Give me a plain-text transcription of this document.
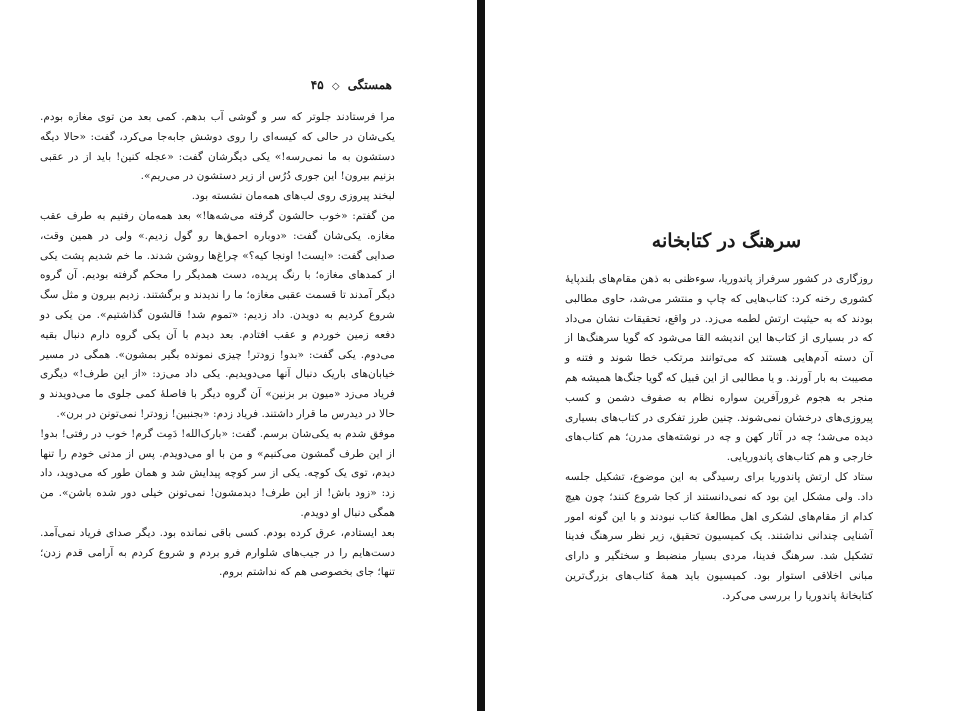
همستگی ◇ ۴۵

مرا فرستادند جلوتر که سر و گوشی آب بدهم. کمی بعد من توی مغازه بودم. یکی‌شان در حالی که کیسه‌ای را روی دوشش جا‌به‌جا می‌کرد، گفت: «حالا دیگه دستشون به ما نمی‌رسه!» یکی دیگرشان گفت: «عجله کنین! باید از در عقبی بزنیم بیرون! این جوری دُرُس از زیر دستشون در می‌ریم».

لبخند پیروزی روی لب‌های همه‌مان نشسته بود.

من گفتم: «خوب حالشون گرفته می‌شه‌ها!» بعد همه‌مان رفتیم به طرف عقب مغازه. یکی‌شان گفت: «دوباره احمق‌ها رو گول زدیم.» ولی در همین وقت، صدایی گفت: «ایست! اونجا کیه؟» چراغ‌ها روشن شدند. ما خم شدیم پشت یکی از کمدهای مغازه؛ با رنگ پریده، دست همدیگر را محکم گرفته بودیم. آن گروه دیگر آمدند تا قسمت عقبی مغازه؛ ما را ندیدند و برگشتند. زدیم بیرون و مثل سگ شروع کردیم به دویدن. داد زدیم: «تموم شد! قالشون گذاشتیم». من یکی دو دفعه زمین خوردم و عقب افتادم. بعد دیدم با آن یکی گروه دارم دنبال بقیه می‌دوم. یکی گفت: «بدو! زودتر! چیزی نمونده بگیر بمشون». همگی در مسیر خیابان‌های باریک دنبال آنها می‌دویدیم. یکی داد می‌زد: «از این طرف!» دیگری فریاد می‌زد «میون بر بزنین» آن گروه دیگر با فاصلهٔ کمی جلوی ما می‌دویدند و حالا در دیدرس ما قرار داشتند. فریاد زدم: «بجنبین! زودتر! نمی‌تونن در برن».

موفق شدم به یکی‌شان برسم. گفت: «بارک‌الله! دَمِت گرم! خوب در رفتی! بدو! از این طرف گمشون می‌کنیم» و من با او می‌دویدم. پس از مدتی خودم را تنها دیدم، توی یک کوچه. یکی از سر کوچه پیدایش شد و همان طور که می‌دوید، داد زد: «زود باش! از این طرف! دیدمشون! نمی‌تونن خیلی دور شده باشن». من همگی دنبال او دویدم.

بعد ایستادم، عرق کرده بودم. کسی باقی نمانده بود. دیگر صدای فریاد نمی‌آمد. دست‌هایم را در جیب‌های شلوارم فرو بردم و شروع کردم به آرامی قدم زدن؛ تنها؛ جای بخصوصی هم که نداشتم بروم.

سرهنگ در کتابخانه

روزگاری در کشور سرفراز پاندوریا، سوء‌ظنی به ذهن مقام‌های بلندپایهٔ کشوری رخنه کرد: کتاب‌هایی که چاپ و منتشر می‌شد، حاوی مطالبی بودند که به حیثیت ارتش لطمه می‌زد. در واقع، تحقیقات نشان می‌داد که در بسیاری از کتاب‌ها این اندیشه القا می‌شود که گویا سرهنگ‌ها از آن دسته آدم‌هایی هستند که می‌توانند مرتکب خطا شوند و فتنه و مصیبت به بار آورند. و یا مطالبی از این قبیل که گویا جنگ‌ها همیشه هم منجر به هجوم غرورآفرین سواره نظام به صفوف دشمن و کسب پیروزی‌های درخشان نمی‌شوند. چنین طرز تفکری در کتاب‌های بسیاری دیده می‌شد؛ چه در آثار کهن و چه در نوشته‌های مدرن؛ هم کتاب‌های خارجی و هم کتاب‌های پاندوریایی.

ستاد کل ارتش پاندوریا برای رسیدگی به این موضوع، تشکیل جلسه داد. ولی مشکل این بود که نمی‌دانستند از کجا شروع کنند؛ چون هیچ کدام از مقام‌های لشکری اهل مطالعهٔ کتاب نبودند و با این گونه امور آشنایی چندانی نداشتند. یک کمیسیون تحقیق، زیر نظر سرهنگ فدینا تشکیل شد. سرهنگ فدینا، مردی بسیار منضبط و سختگیر و دارای مبانی اخلاقی استوار بود. کمیسیون باید همهٔ کتاب‌های بزرگ‌ترین کتابخانهٔ پاندوریا را بررسی می‌کرد.
